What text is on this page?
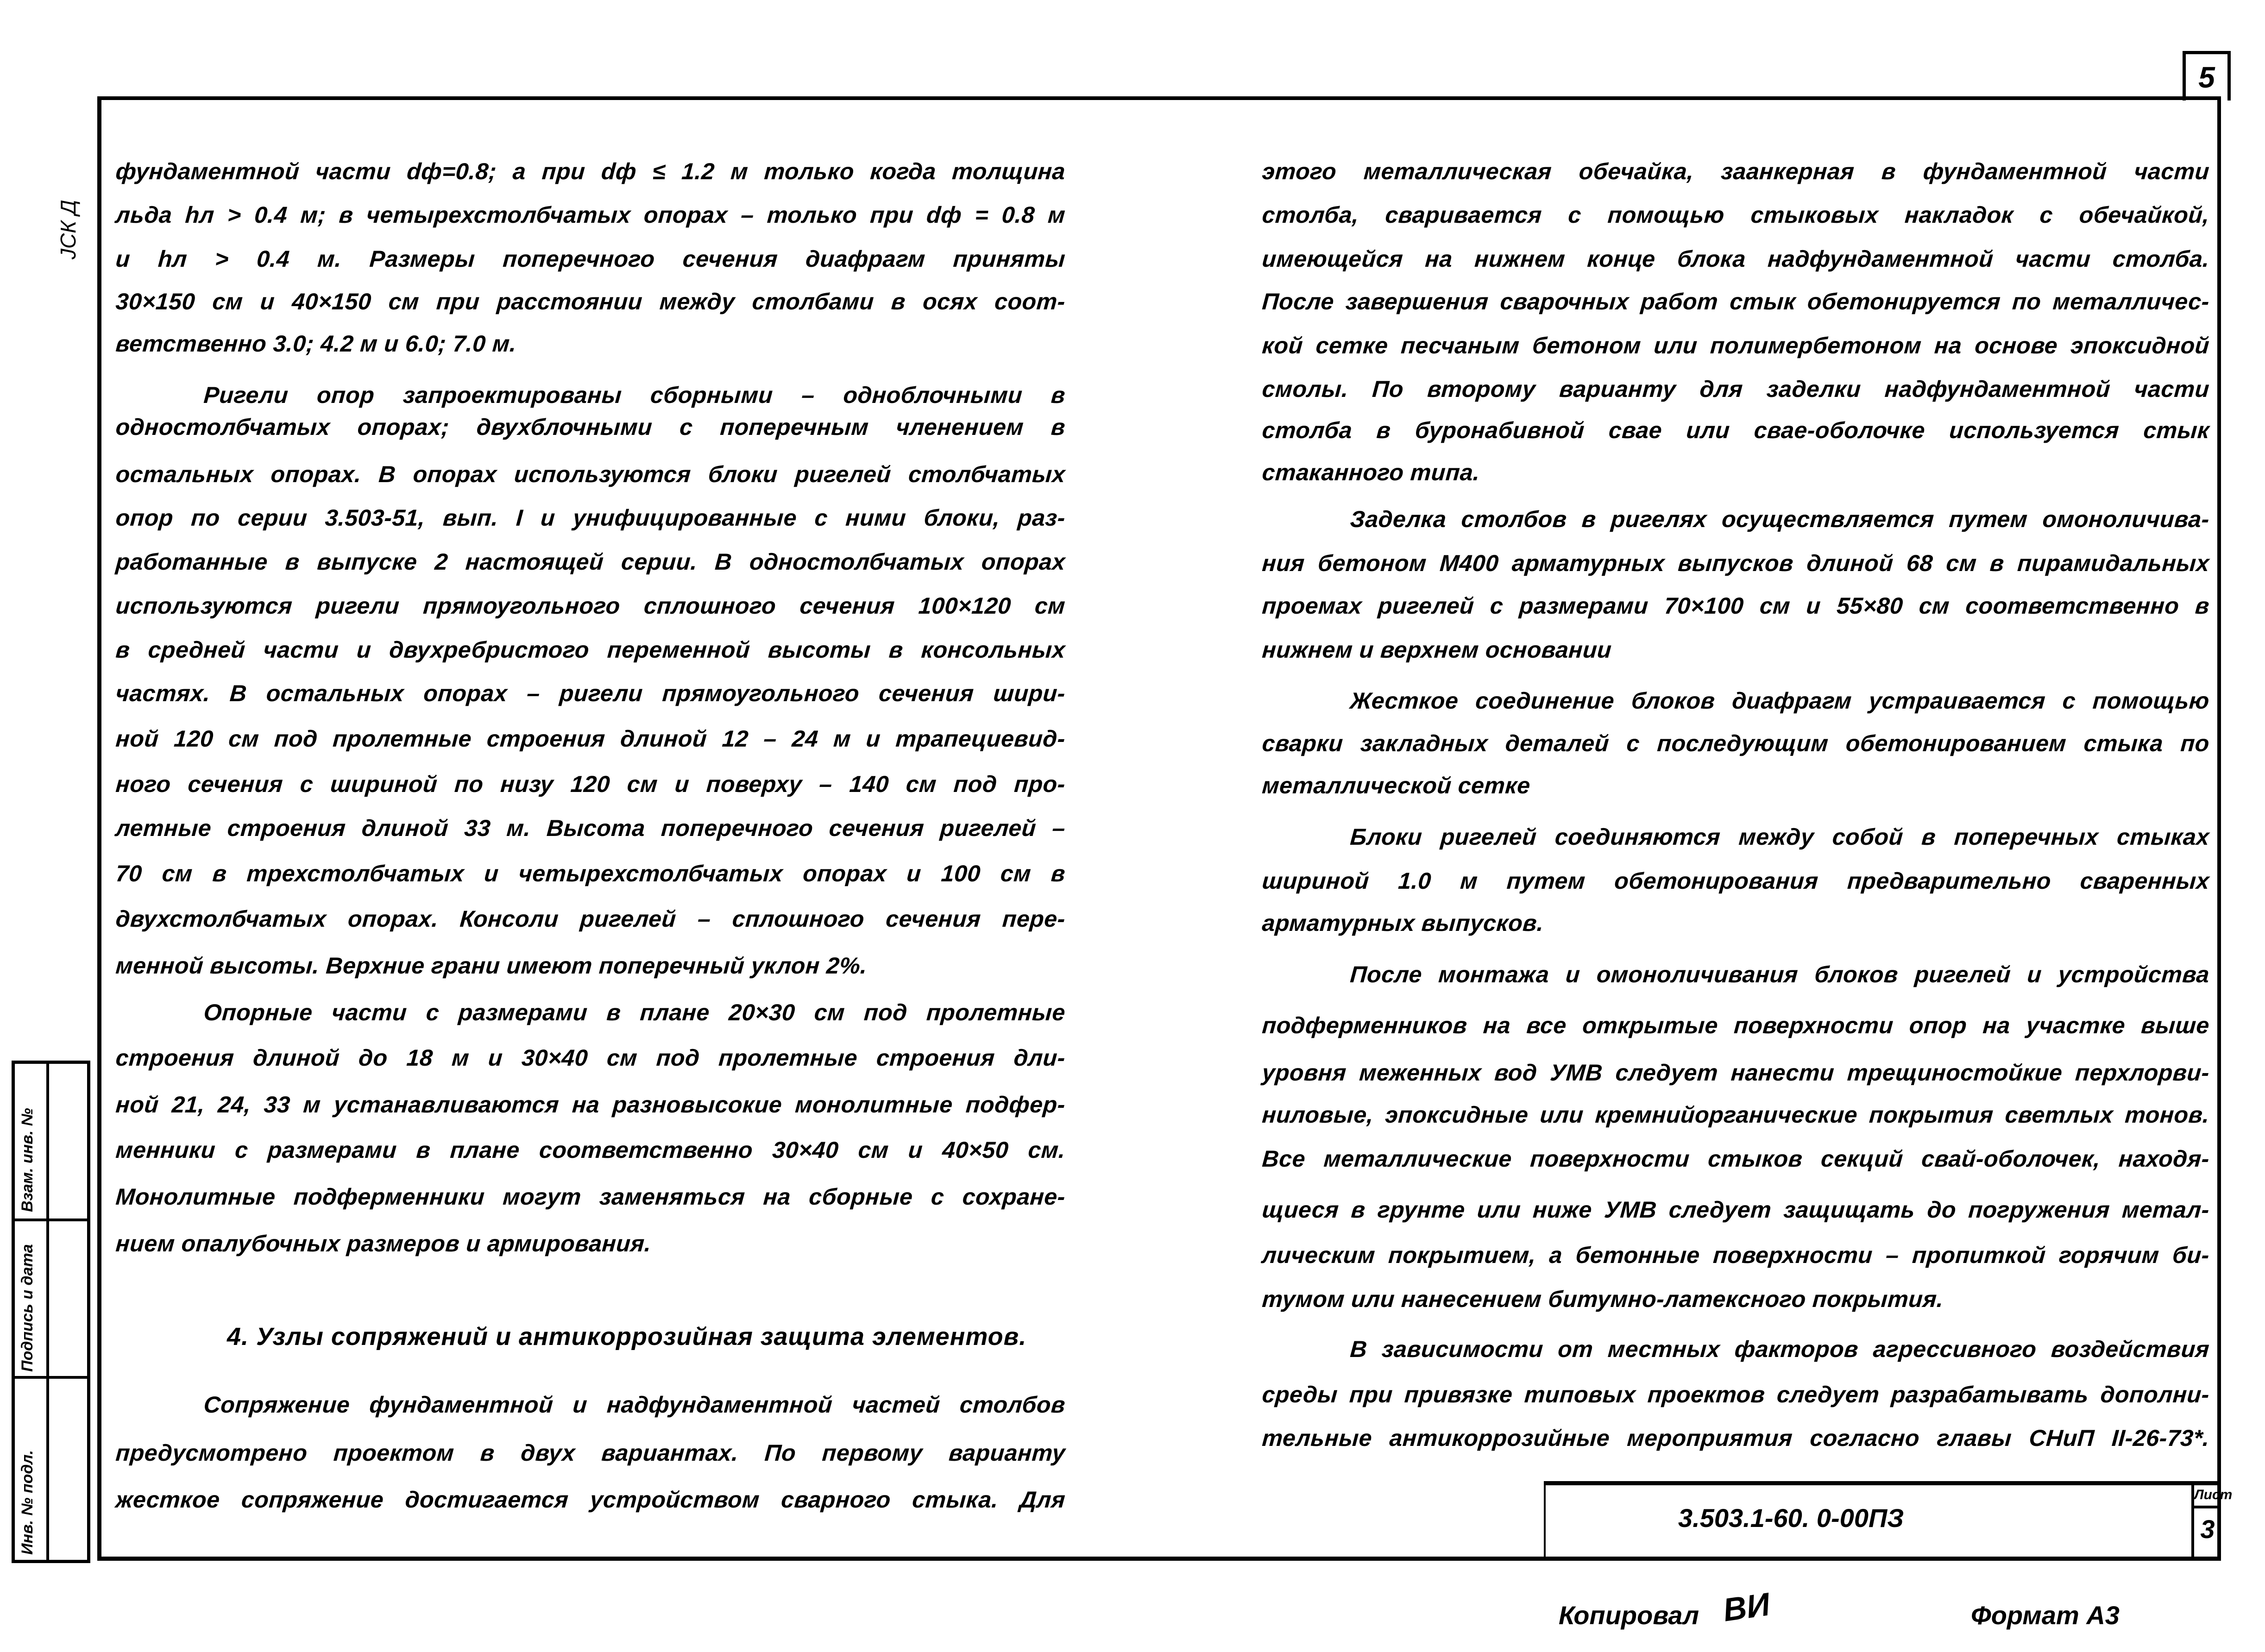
5
ЈСК Д
Взам. инв. №
Подпись и дата
Инв. № подл.
фундаментной части dф=0.8; а при dф ≤ 1.2 м только когда толщина
льда hл > 0.4 м; в четырехстолбчатых опорах – только при dф = 0.8 м
и hл > 0.4 м. Размеры поперечного сечения диафрагм приняты
30×150 см и 40×150 см при расстоянии между столбами в осях соот-
ветственно 3.0; 4.2 м и 6.0; 7.0 м.
Ригели опор запроектированы сборными – одноблочными в
одностолбчатых опорах; двухблочными с поперечным членением в
остальных опорах. В опорах используются блоки ригелей столбчатых
опор по серии 3.503-51, вып. I и унифицированные с ними блоки, раз-
работанные в выпуске 2 настоящей серии. В одностолбчатых опорах
используются ригели прямоугольного сплошного сечения 100×120 см
в средней части и двухребристого переменной высоты в консольных
частях. В остальных опорах – ригели прямоугольного сечения шири-
ной 120 см под пролетные строения длиной 12 – 24 м и трапециевид-
ного сечения с шириной по низу 120 см и поверху – 140 см под про-
летные строения длиной 33 м. Высота поперечного сечения ригелей –
70 см в трехстолбчатых и четырехстолбчатых опорах и 100 см в
двухстолбчатых опорах. Консоли ригелей – сплошного сечения пере-
менной высоты. Верхние грани имеют поперечный уклон 2%.
Опорные части с размерами в плане 20×30 см под пролетные
строения длиной до 18 м и 30×40 см под пролетные строения дли-
ной 21, 24, 33 м устанавливаются на разновысокие монолитные подфер-
менники с размерами в плане соответственно 30×40 см и 40×50 см.
Монолитные подферменники могут заменяться на сборные с сохране-
нием опалубочных размеров и армирования.
Сопряжение фундаментной и надфундаментной частей столбов
предусмотрено проектом в двух вариантах. По первому варианту
жесткое сопряжение достигается устройством сварного стыка. Для
4. Узлы сопряжений и антикоррозийная защита элементов.
этого металлическая обечайка, заанкерная в фундаментной части
столба, сваривается с помощью стыковых накладок с обечайкой,
имеющейся на нижнем конце блока надфундаментной части столба.
После завершения сварочных работ стык обетонируется по металличес-
кой сетке песчаным бетоном или полимербетоном на основе эпоксидной
смолы. По второму варианту для заделки надфундаментной части
столба в буронабивной свае или свае-оболочке используется стык
стаканного типа.
Заделка столбов в ригелях осуществляется путем омоноличива-
ния бетоном М400 арматурных выпусков длиной 68 см в пирамидальных
проемах ригелей с размерами 70×100 см и 55×80 см соответственно в
нижнем и верхнем основании
Жесткое соединение блоков диафрагм устраивается с помощью
сварки закладных деталей с последующим обетонированием стыка по
металлической сетке
Блоки ригелей соединяются между собой в поперечных стыках
шириной 1.0 м путем обетонирования предварительно сваренных
арматурных выпусков.
После монтажа и омоноличивания блоков ригелей и устройства
подферменников на все открытые поверхности опор на участке выше
уровня меженных вод УМВ следует нанести трещиностойкие перхлорви-
ниловые, эпоксидные или кремнийорганические покрытия светлых тонов.
Все металлические поверхности стыков секций свай-оболочек, находя-
щиеся в грунте или ниже УМВ следует защищать до погружения метал-
лическим покрытием, а бетонные поверхности – пропиткой горячим би-
тумом или нанесением битумно-латексного покрытия.
В зависимости от местных факторов агрессивного воздействия
среды при привязке типовых проектов следует разрабатывать дополни-
тельные антикоррозийные мероприятия согласно главы СНиП II-26-73*.
3.503.1-60. 0-00ПЗ
Лист
3
Копировал ВИ	Формат А3
